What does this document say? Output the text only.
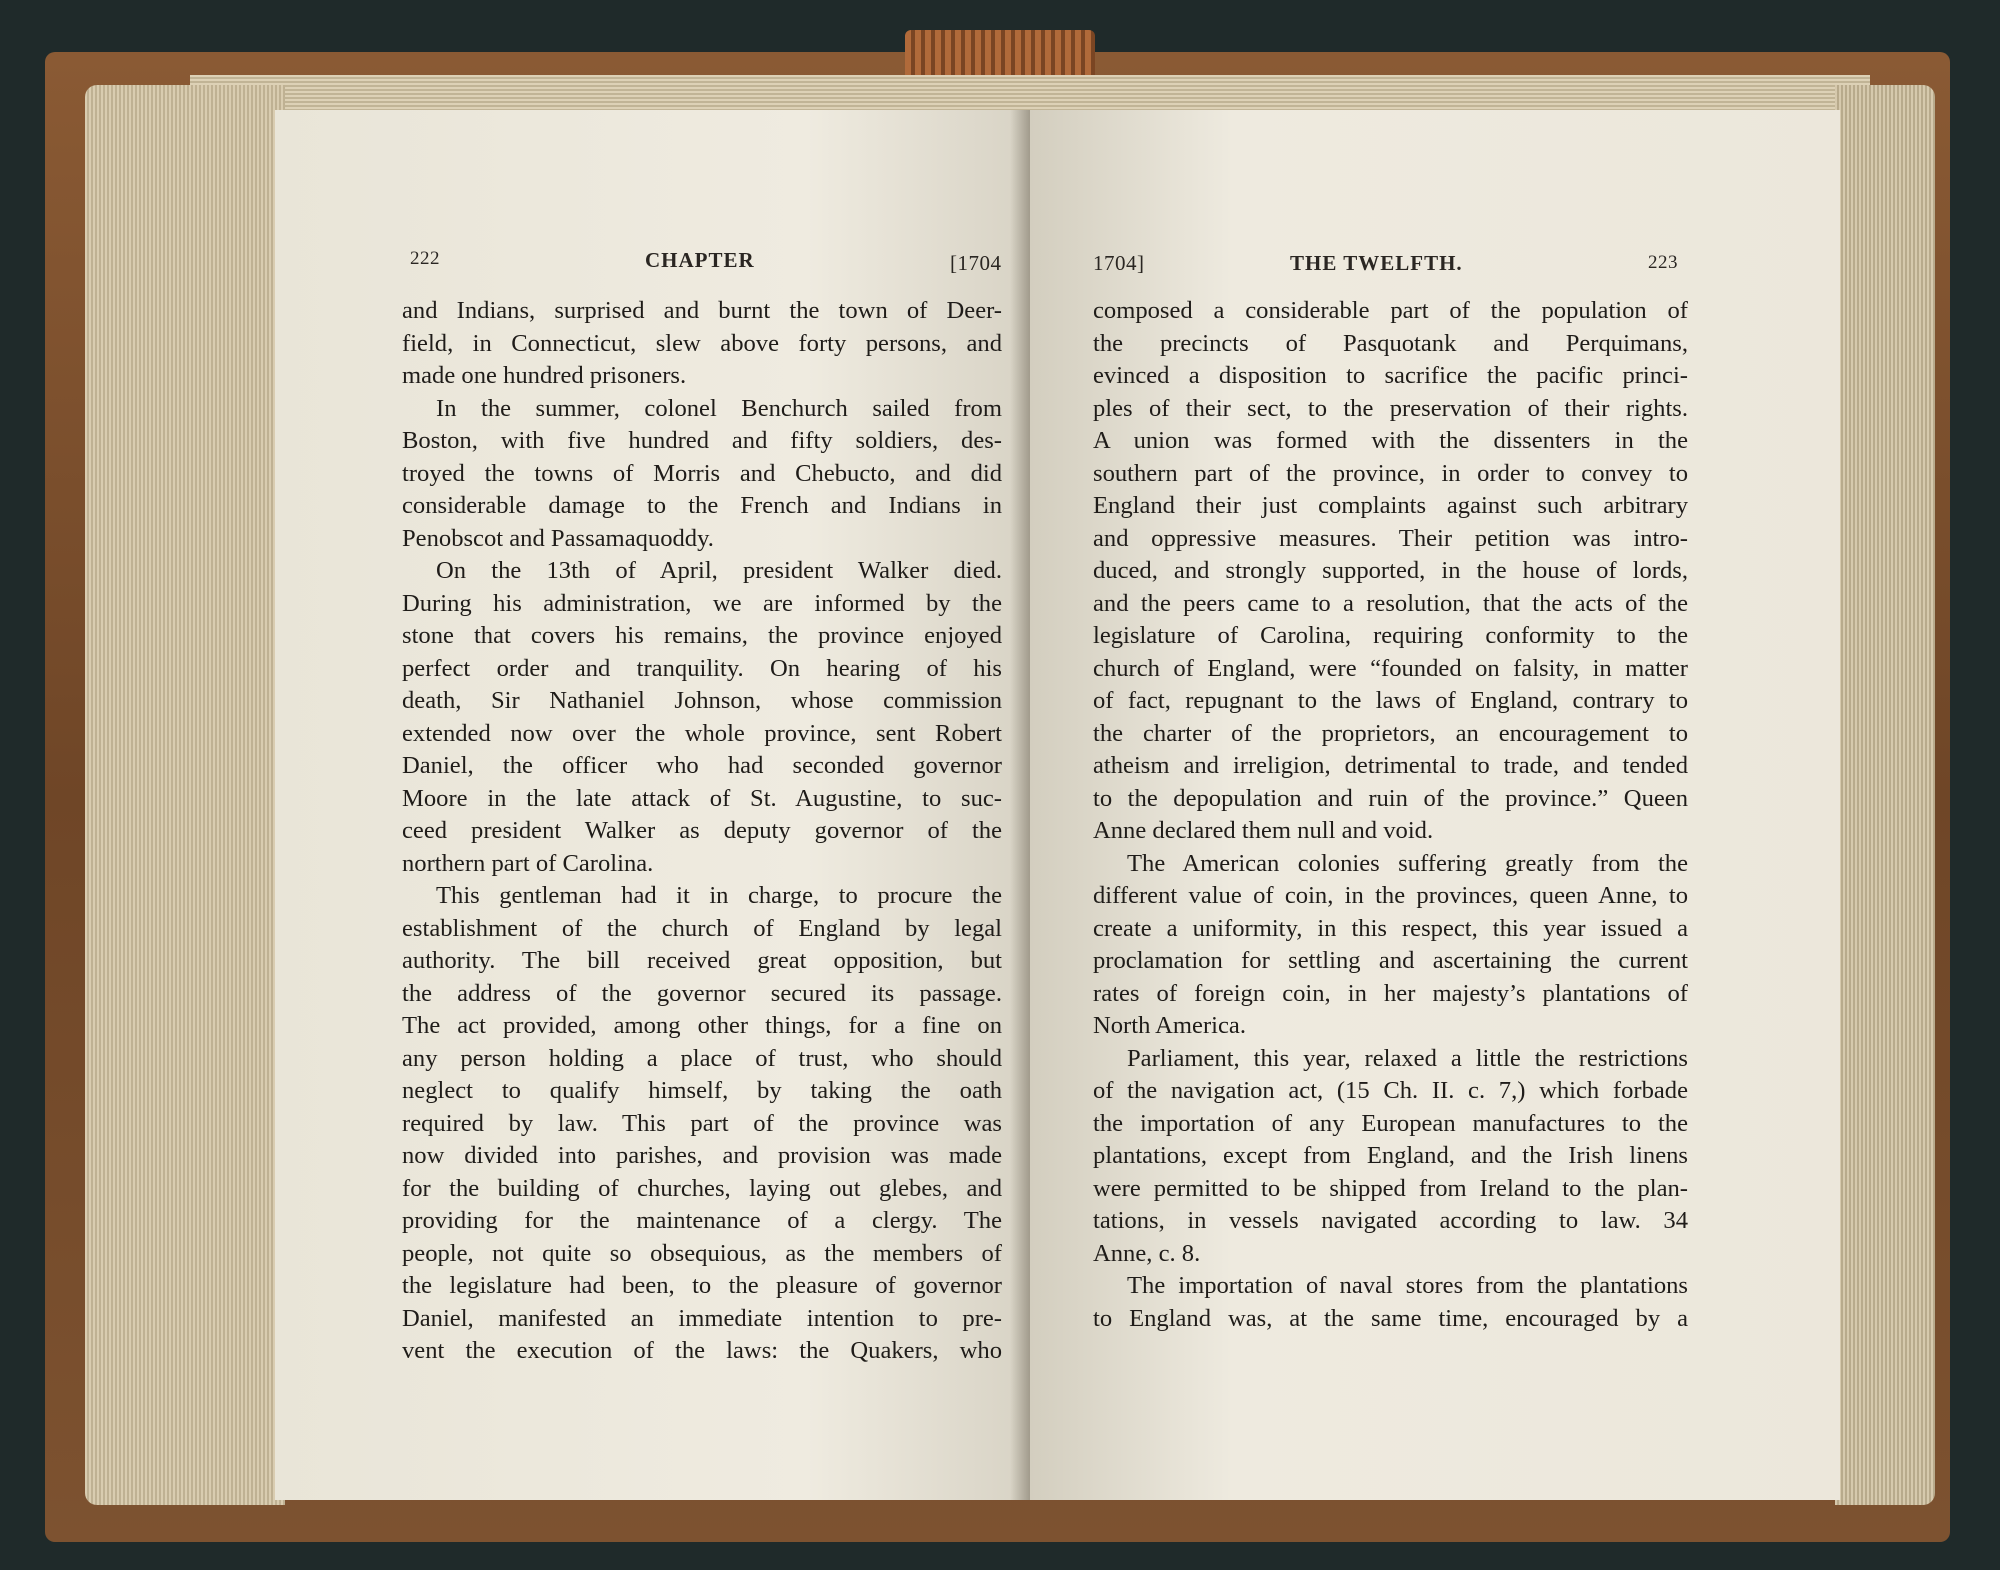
222	CHAPTER	[1704
and Indians, surprised and burnt the town of Deer-
field, in Connecticut, slew above forty persons, and
made one hundred prisoners.
In the summer, colonel Benchurch sailed from
Boston, with five hundred and fifty soldiers, des-
troyed the towns of Morris and Chebucto, and did
considerable damage to the French and Indians in
Penobscot and Passamaquoddy.
On the 13th of April, president Walker died.
During his administration, we are informed by the
stone that covers his remains, the province enjoyed
perfect order and tranquility. On hearing of his
death, Sir Nathaniel Johnson, whose commission
extended now over the whole province, sent Robert
Daniel, the officer who had seconded governor
Moore in the late attack of St. Augustine, to suc-
ceed president Walker as deputy governor of the
northern part of Carolina.
This gentleman had it in charge, to procure the
establishment of the church of England by legal
authority. The bill received great opposition, but
the address of the governor secured its passage.
The act provided, among other things, for a fine on
any person holding a place of trust, who should
neglect to qualify himself, by taking the oath
required by law. This part of the province was
now divided into parishes, and provision was made
for the building of churches, laying out glebes, and
providing for the maintenance of a clergy. The
people, not quite so obsequious, as the members of
the legislature had been, to the pleasure of governor
Daniel, manifested an immediate intention to pre-
vent the execution of the laws: the Quakers, who
1704]	THE TWELFTH.	223
composed a considerable part of the population of
the precincts of Pasquotank and Perquimans,
evinced a disposition to sacrifice the pacific princi-
ples of their sect, to the preservation of their rights.
A union was formed with the dissenters in the
southern part of the province, in order to convey to
England their just complaints against such arbitrary
and oppressive measures. Their petition was intro-
duced, and strongly supported, in the house of lords,
and the peers came to a resolution, that the acts of the
legislature of Carolina, requiring conformity to the
church of England, were “founded on falsity, in matter
of fact, repugnant to the laws of England, contrary to
the charter of the proprietors, an encouragement to
atheism and irreligion, detrimental to trade, and tended
to the depopulation and ruin of the province.” Queen
Anne declared them null and void.
The American colonies suffering greatly from the
different value of coin, in the provinces, queen Anne, to
create a uniformity, in this respect, this year issued a
proclamation for settling and ascertaining the current
rates of foreign coin, in her majesty’s plantations of
North America.
Parliament, this year, relaxed a little the restrictions
of the navigation act, (15 Ch. II. c. 7,) which forbade
the importation of any European manufactures to the
plantations, except from England, and the Irish linens
were permitted to be shipped from Ireland to the plan-
tations, in vessels navigated according to law. 34
Anne, c. 8.
The importation of naval stores from the plantations
to England was, at the same time, encouraged by a
